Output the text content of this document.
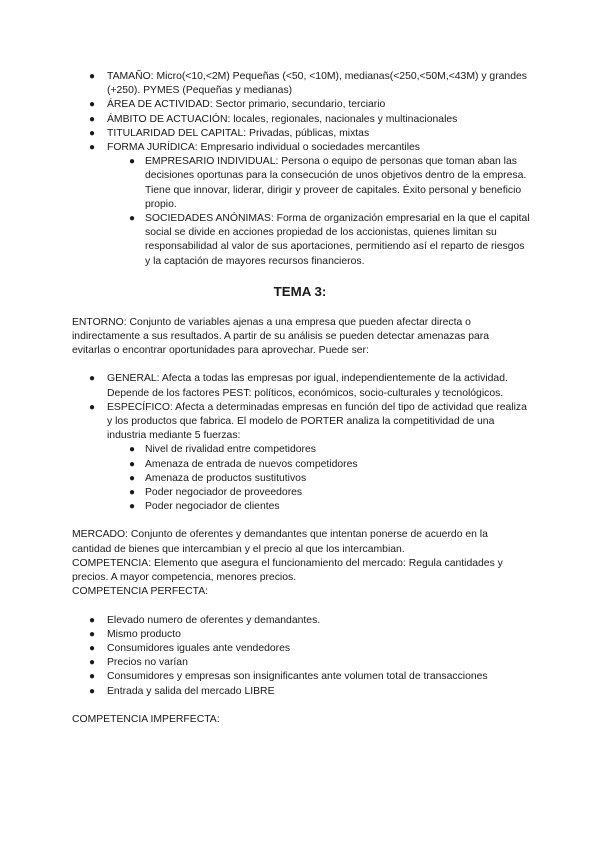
● TAMAÑO: Micro(<10,<2M) Pequeñas (<50, <10M), medianas(<250,<50M,<43M) y grandes (+250). PYMES (Pequeñas y medianas)
● ÁREA DE ACTIVIDAD: Sector primario, secundario, terciario
● ÁMBITO DE ACTUACIÓN: locales, regionales, nacionales y multinacionales
● TITULARIDAD DEL CAPITAL: Privadas, públicas, mixtas
● FORMA JURÍDICA: Empresario individual o sociedades mercantiles
● EMPRESARIO INDIVIDUAL: Persona o equipo de personas que toman aban las decisiones oportunas para la consecución de unos objetivos dentro de la empresa. Tiene que innovar, liderar, dirigir y proveer de capitales. Éxito personal y beneficio propio.
● SOCIEDADES ANÓNIMAS: Forma de organización empresarial en la que el capital social se divide en acciones propiedad de los accionistas, quienes limitan su responsabilidad al valor de sus aportaciones, permitiendo así el reparto de riesgos y la captación de mayores recursos financieros.
TEMA 3:
ENTORNO: Conjunto de variables ajenas a una empresa que pueden afectar directa o indirectamente a sus resultados. A partir de su análisis se pueden detectar amenazas para evitarlas o encontrar oportunidades para aprovechar. Puede ser:
● GENERAL: Afecta a todas las empresas por igual, independientemente de la actividad. Depende de los factores PEST: políticos, económicos, socio-culturales y tecnológicos.
● ESPECÍFICO: Afecta a determinadas empresas en función del tipo de actividad que realiza y los productos que fabrica. El modelo de PORTER analiza la competitividad de una industria mediante 5 fuerzas:
● Nivel de rivalidad entre competidores
● Amenaza de entrada de nuevos competidores
● Amenaza de productos sustitutivos
● Poder negociador de proveedores
● Poder negociador de clientes
MERCADO: Conjunto de oferentes y demandantes que intentan ponerse de acuerdo en la cantidad de bienes que intercambian y el precio al que los intercambian.
COMPETENCIA: Elemento que asegura el funcionamiento del mercado: Regula cantidades y precios. A mayor competencia, menores precios.
COMPETENCIA PERFECTA:
● Elevado numero de oferentes y demandantes.
● Mismo producto
● Consumidores iguales ante vendedores
● Precios no varían
● Consumidores y empresas son insignificantes ante volumen total de transacciones
● Entrada y salida del mercado LIBRE
COMPETENCIA IMPERFECTA:
